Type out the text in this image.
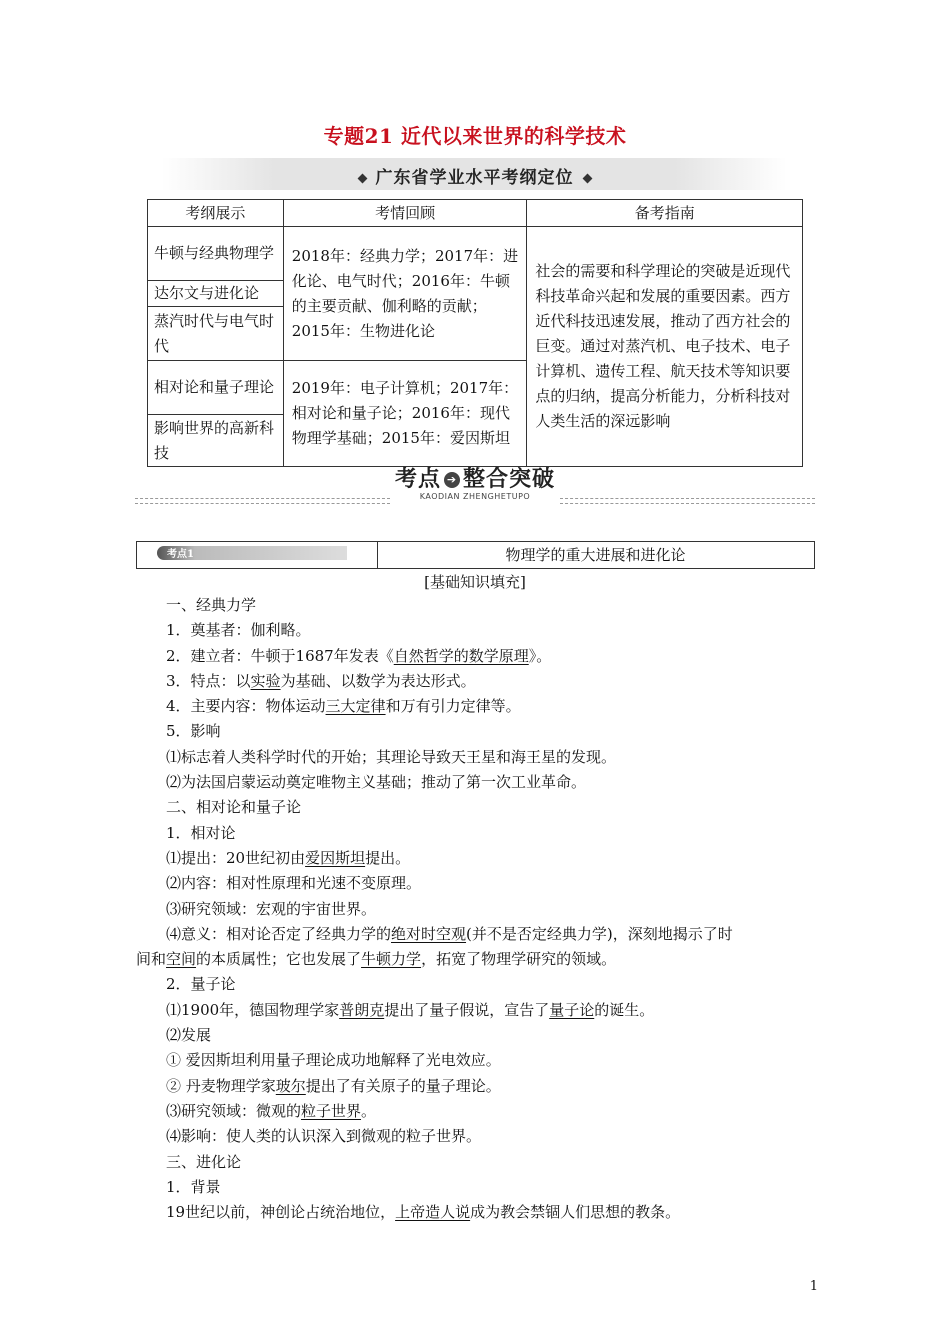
专题21 近代以来世界的科学技术
广东省学业水平考纲定位
考纲展示	考情回顾	备考指南
牛顿与经典物理学	2018年：经典力学；2017年：进化论、电气时代；2016年：牛顿的主要贡献、伽利略的贡献；2015年：生物进化论	社会的需要和科学理论的突破是近现代科技革命兴起和发展的重要因素。西方近代科技迅速发展，推动了西方社会的巨变。通过对蒸汽机、电子技术、电子计算机、遗传工程、航天技术等知识要点的归纳，提高分析能力，分析科技对人类生活的深远影响
达尔文与进化论		
蒸汽时代与电气时代		
相对论和量子理论	2019年：电子计算机；2017年：相对论和量子论；2016年：现代物理学基础；2015年：爱因斯坦	
影响世界的高新科技		
考点 ➔ 整合突破
KAODIAN ZHENGHETUPO
考点1	物理学的重大进展和进化论
[基础知识填充]

一、经典力学

1．奠基者：伽利略。

2．建立者：牛顿于1687年发表《自然哲学的数学原理》。

3．特点：以实验为基础、以数学为表达形式。

4．主要内容：物体运动三大定律和万有引力定律等。

5．影响

⑴标志着人类科学时代的开始；其理论导致天王星和海王星的发现。

⑵为法国启蒙运动奠定唯物主义基础；推动了第一次工业革命。

二、相对论和量子论

1．相对论

⑴提出：20世纪初由爱因斯坦提出。

⑵内容：相对性原理和光速不变原理。

⑶研究领域：宏观的宇宙世界。

⑷意义：相对论否定了经典力学的绝对时空观(并不是否定经典力学)，深刻地揭示了时

间和空间的本质属性；它也发展了牛顿力学，拓宽了物理学研究的领域。

2．量子论

⑴1900年，德国物理学家普朗克提出了量子假说，宣告了量子论的诞生。

⑵发展

① 爱因斯坦利用量子理论成功地解释了光电效应。

② 丹麦物理学家玻尔提出了有关原子的量子理论。

⑶研究领域：微观的粒子世界。

⑷影响：使人类的认识深入到微观的粒子世界。

三、进化论

1．背景

19世纪以前，神创论占统治地位，上帝造人说成为教会禁锢人们思想的教条。

1
